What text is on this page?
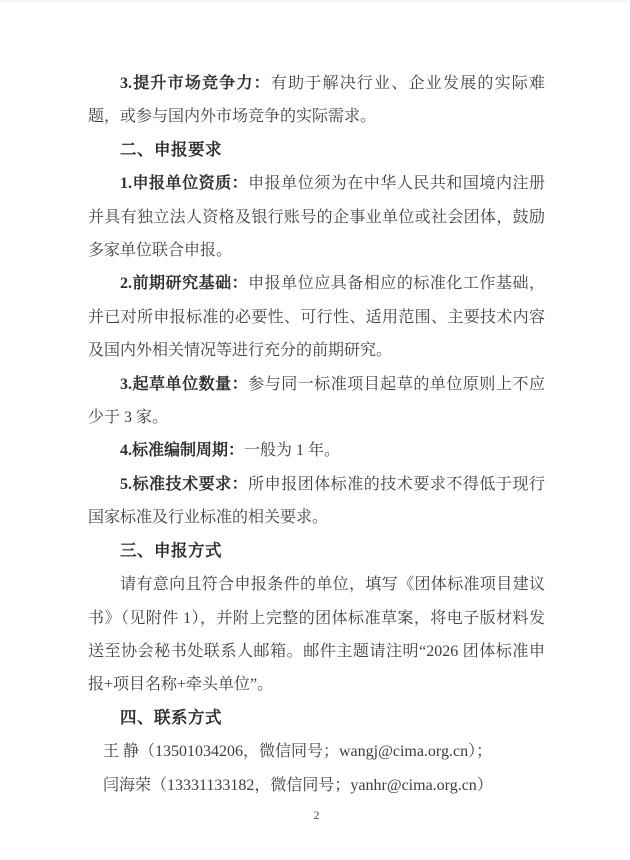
3.提升市场竞争力：有助于解决行业、企业发展的实际难题，或参与国内外市场竞争的实际需求。

二、申报要求

1.申报单位资质：申报单位须为在中华人民共和国境内注册并具有独立法人资格及银行账号的企事业单位或社会团体，鼓励多家单位联合申报。

2.前期研究基础：申报单位应具备相应的标准化工作基础，并已对所申报标准的必要性、可行性、适用范围、主要技术内容及国内外相关情况等进行充分的前期研究。

3.起草单位数量：参与同一标准项目起草的单位原则上不应少于 3 家。

4.标准编制周期：一般为 1 年。

5.标准技术要求：所申报团体标准的技术要求不得低于现行国家标准及行业标准的相关要求。

三、申报方式

请有意向且符合申报条件的单位，填写《团体标准项目建议书》（见附件 1），并附上完整的团体标准草案，将电子版材料发送至协会秘书处联系人邮箱。邮件主题请注明“2026 团体标准申报+项目名称+牵头单位”。

四、联系方式

王 静（13501034206，微信同号；wangj@cima.org.cn）；

闫海荣（13331133182，微信同号；yanhr@cima.org.cn）

2
